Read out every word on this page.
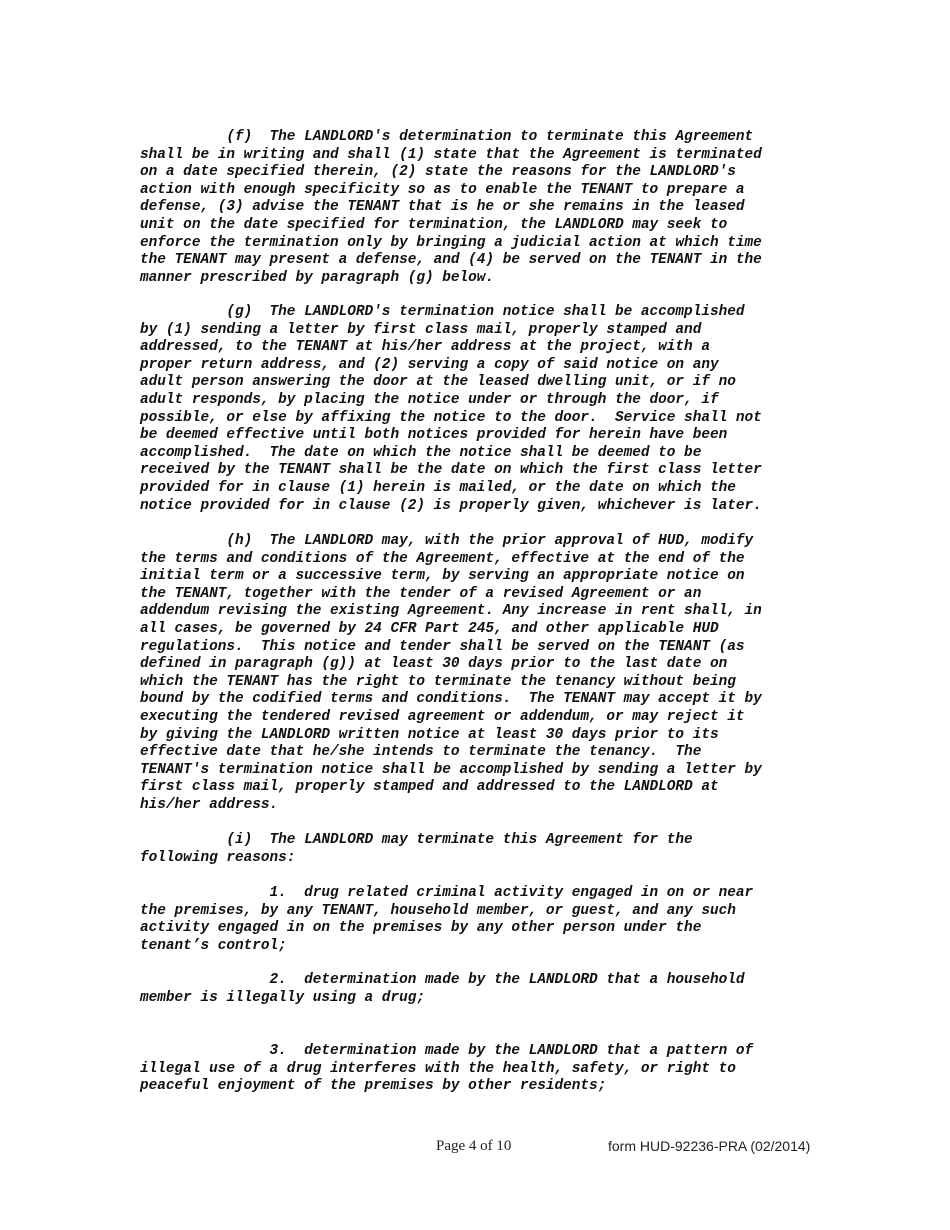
(f)  The LANDLORD's determination to terminate this Agreement
shall be in writing and shall (1) state that the Agreement is terminated
on a date specified therein, (2) state the reasons for the LANDLORD's
action with enough specificity so as to enable the TENANT to prepare a
defense, (3) advise the TENANT that is he or she remains in the leased
unit on the date specified for termination, the LANDLORD may seek to
enforce the termination only by bringing a judicial action at which time
the TENANT may present a defense, and (4) be served on the TENANT in the
manner prescribed by paragraph (g) below.

(g)  The LANDLORD's termination notice shall be accomplished
by (1) sending a letter by first class mail, properly stamped and
addressed, to the TENANT at his/her address at the project, with a
proper return address, and (2) serving a copy of said notice on any
adult person answering the door at the leased dwelling unit, or if no
adult responds, by placing the notice under or through the door, if
possible, or else by affixing the notice to the door.  Service shall not
be deemed effective until both notices provided for herein have been
accomplished.  The date on which the notice shall be deemed to be
received by the TENANT shall be the date on which the first class letter
provided for in clause (1) herein is mailed, or the date on which the
notice provided for in clause (2) is properly given, whichever is later.

(h)  The LANDLORD may, with the prior approval of HUD, modify
the terms and conditions of the Agreement, effective at the end of the
initial term or a successive term, by serving an appropriate notice on
the TENANT, together with the tender of a revised Agreement or an
addendum revising the existing Agreement. Any increase in rent shall, in
all cases, be governed by 24 CFR Part 245, and other applicable HUD
regulations.  This notice and tender shall be served on the TENANT (as
defined in paragraph (g)) at least 30 days prior to the last date on
which the TENANT has the right to terminate the tenancy without being
bound by the codified terms and conditions.  The TENANT may accept it by
executing the tendered revised agreement or addendum, or may reject it
by giving the LANDLORD written notice at least 30 days prior to its
effective date that he/she intends to terminate the tenancy.  The
TENANT's termination notice shall be accomplished by sending a letter by
first class mail, properly stamped and addressed to the LANDLORD at
his/her address.

(i)  The LANDLORD may terminate this Agreement for the
following reasons:

1.  drug related criminal activity engaged in on or near
the premises, by any TENANT, household member, or guest, and any such
activity engaged in on the premises by any other person under the
tenant’s control;

2.  determination made by the LANDLORD that a household
member is illegally using a drug;

3.  determination made by the LANDLORD that a pattern of
illegal use of a drug interferes with the health, safety, or right to
peaceful enjoyment of the premises by other residents;

Page 4 of 10	form HUD-92236-PRA (02/2014)
